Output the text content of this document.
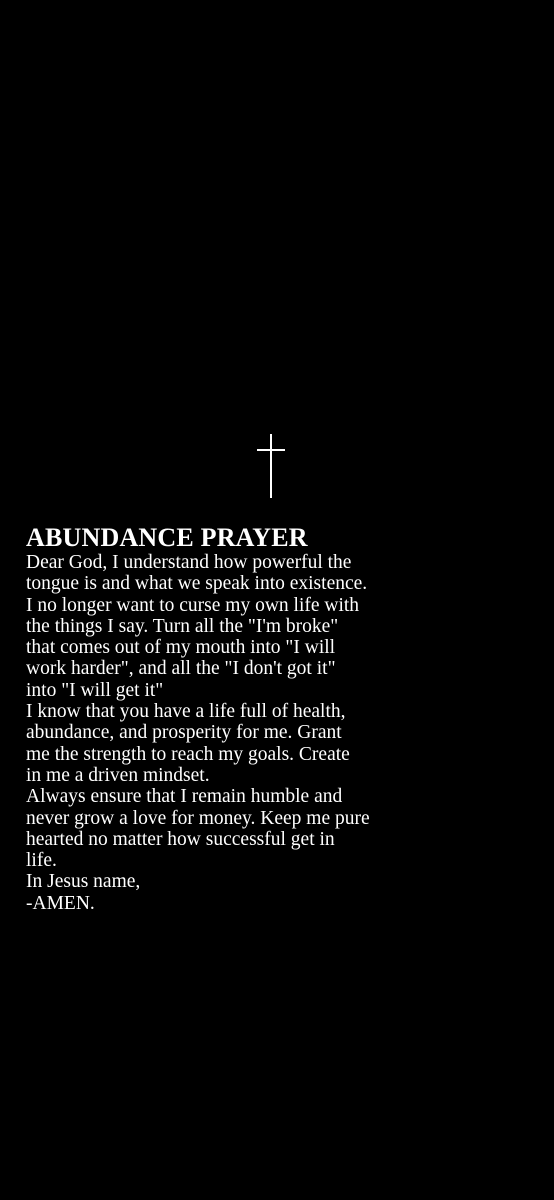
ABUNDANCE PRAYER

Dear God, I understand how powerful the
tongue is and what we speak into existence.
I no longer want to curse my own life with
the things I say. Turn all the "I'm broke"
that comes out of my mouth into "I will
work harder", and all the "I don't got it"
into "I will get it"
I know that you have a life full of health,
abundance, and prosperity for me. Grant
me the strength to reach my goals. Create
in me a driven mindset.
Always ensure that I remain humble and
never grow a love for money. Keep me pure
hearted no matter how successful get in
life.
In Jesus name,
-AMEN.
